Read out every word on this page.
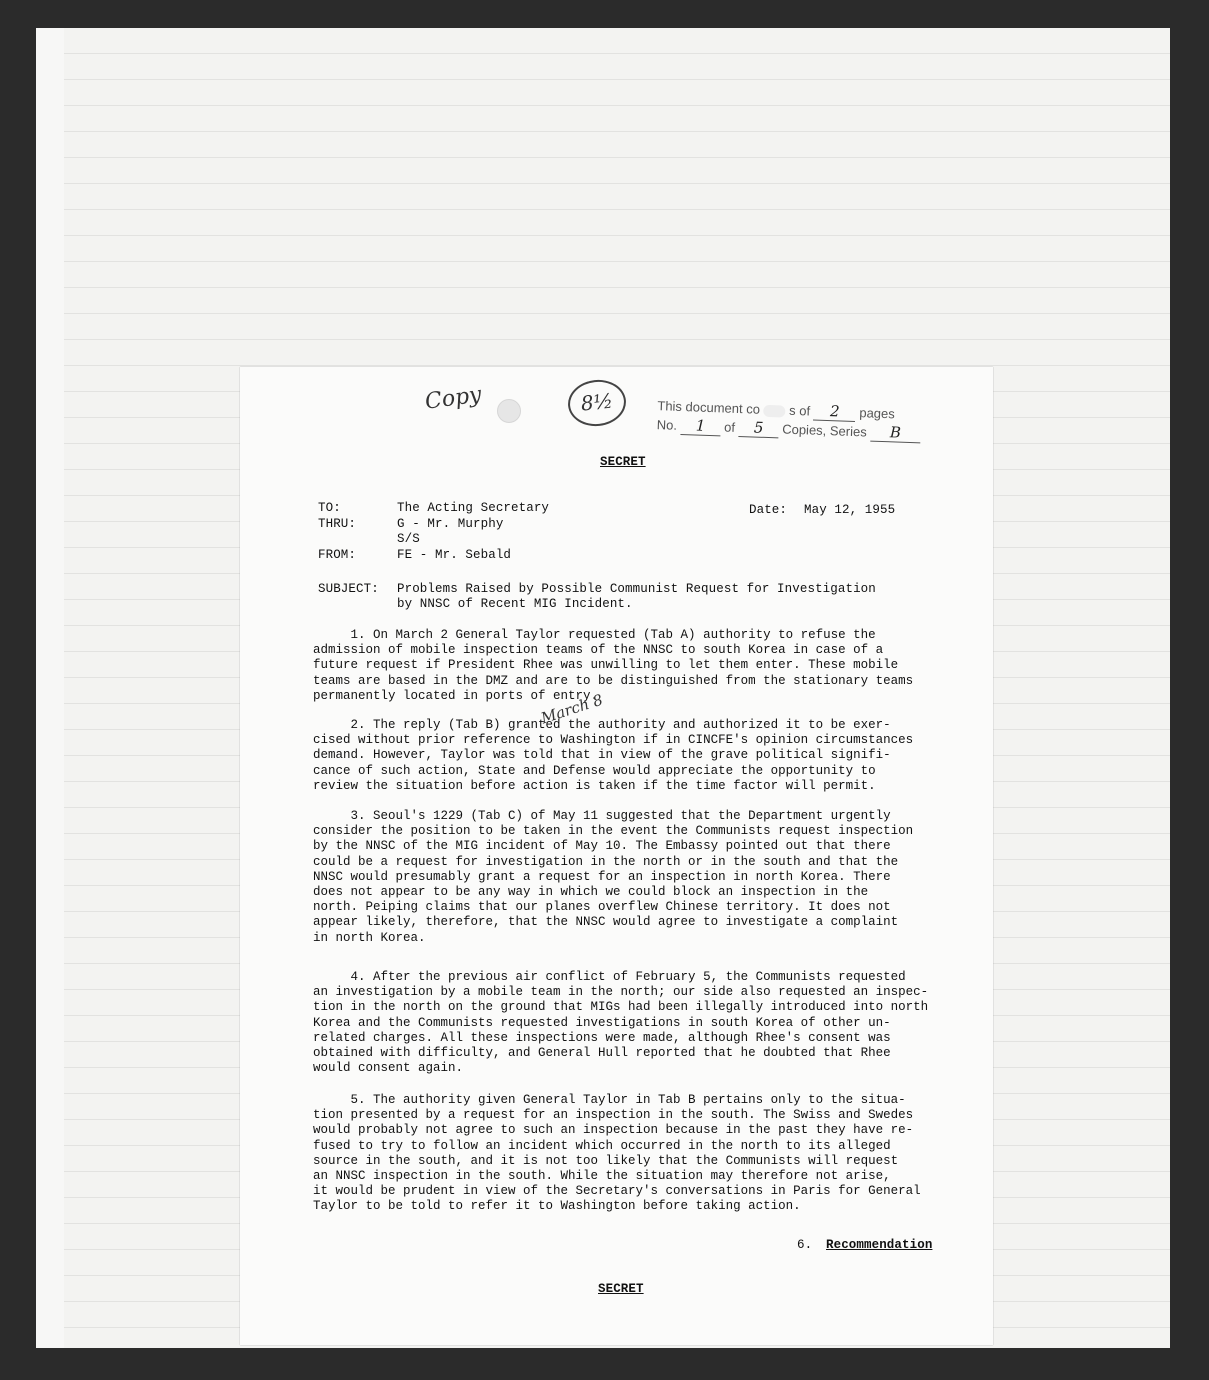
Copy	8½	This document co s of 2 pages
No. 1 of 5 Copies, Series B
SECRET
TO:	The Acting Secretary	Date: May 12, 1955
THRU:	G - Mr. Murphy
S/S
FROM:	FE - Mr. Sebald
SUBJECT: Problems Raised by Possible Communist Request for Investigation
by NNSC of Recent MIG Incident.
1. On March 2 General Taylor requested (Tab A) authority to refuse the
admission of mobile inspection teams of the NNSC to south Korea in case of a
future request if President Rhee was unwilling to let them enter. These mobile
teams are based in the DMZ and are to be distinguished from the stationary teams
permanently located in ports of entry.
March 8
2. The reply (Tab B) granted the authority and authorized it to be exer-
cised without prior reference to Washington if in CINCFE's opinion circumstances
demand. However, Taylor was told that in view of the grave political signifi-
cance of such action, State and Defense would appreciate the opportunity to
review the situation before action is taken if the time factor will permit.
3. Seoul's 1229 (Tab C) of May 11 suggested that the Department urgently
consider the position to be taken in the event the Communists request inspection
by the NNSC of the MIG incident of May 10. The Embassy pointed out that there
could be a request for investigation in the north or in the south and that the
NNSC would presumably grant a request for an inspection in north Korea. There
does not appear to be any way in which we could block an inspection in the
north. Peiping claims that our planes overflew Chinese territory. It does not
appear likely, therefore, that the NNSC would agree to investigate a complaint
in north Korea.
4. After the previous air conflict of February 5, the Communists requested
an investigation by a mobile team in the north; our side also requested an inspec-
tion in the north on the ground that MIGs had been illegally introduced into north
Korea and the Communists requested investigations in south Korea of other un-
related charges. All these inspections were made, although Rhee's consent was
obtained with difficulty, and General Hull reported that he doubted that Rhee
would consent again.
5. The authority given General Taylor in Tab B pertains only to the situa-
tion presented by a request for an inspection in the south. The Swiss and Swedes
would probably not agree to such an inspection because in the past they have re-
fused to try to follow an incident which occurred in the north to its alleged
source in the south, and it is not too likely that the Communists will request
an NNSC inspection in the south. While the situation may therefore not arise,
it would be prudent in view of the Secretary's conversations in Paris for General
Taylor to be told to refer it to Washington before taking action.
6. Recommendation
SECRET
